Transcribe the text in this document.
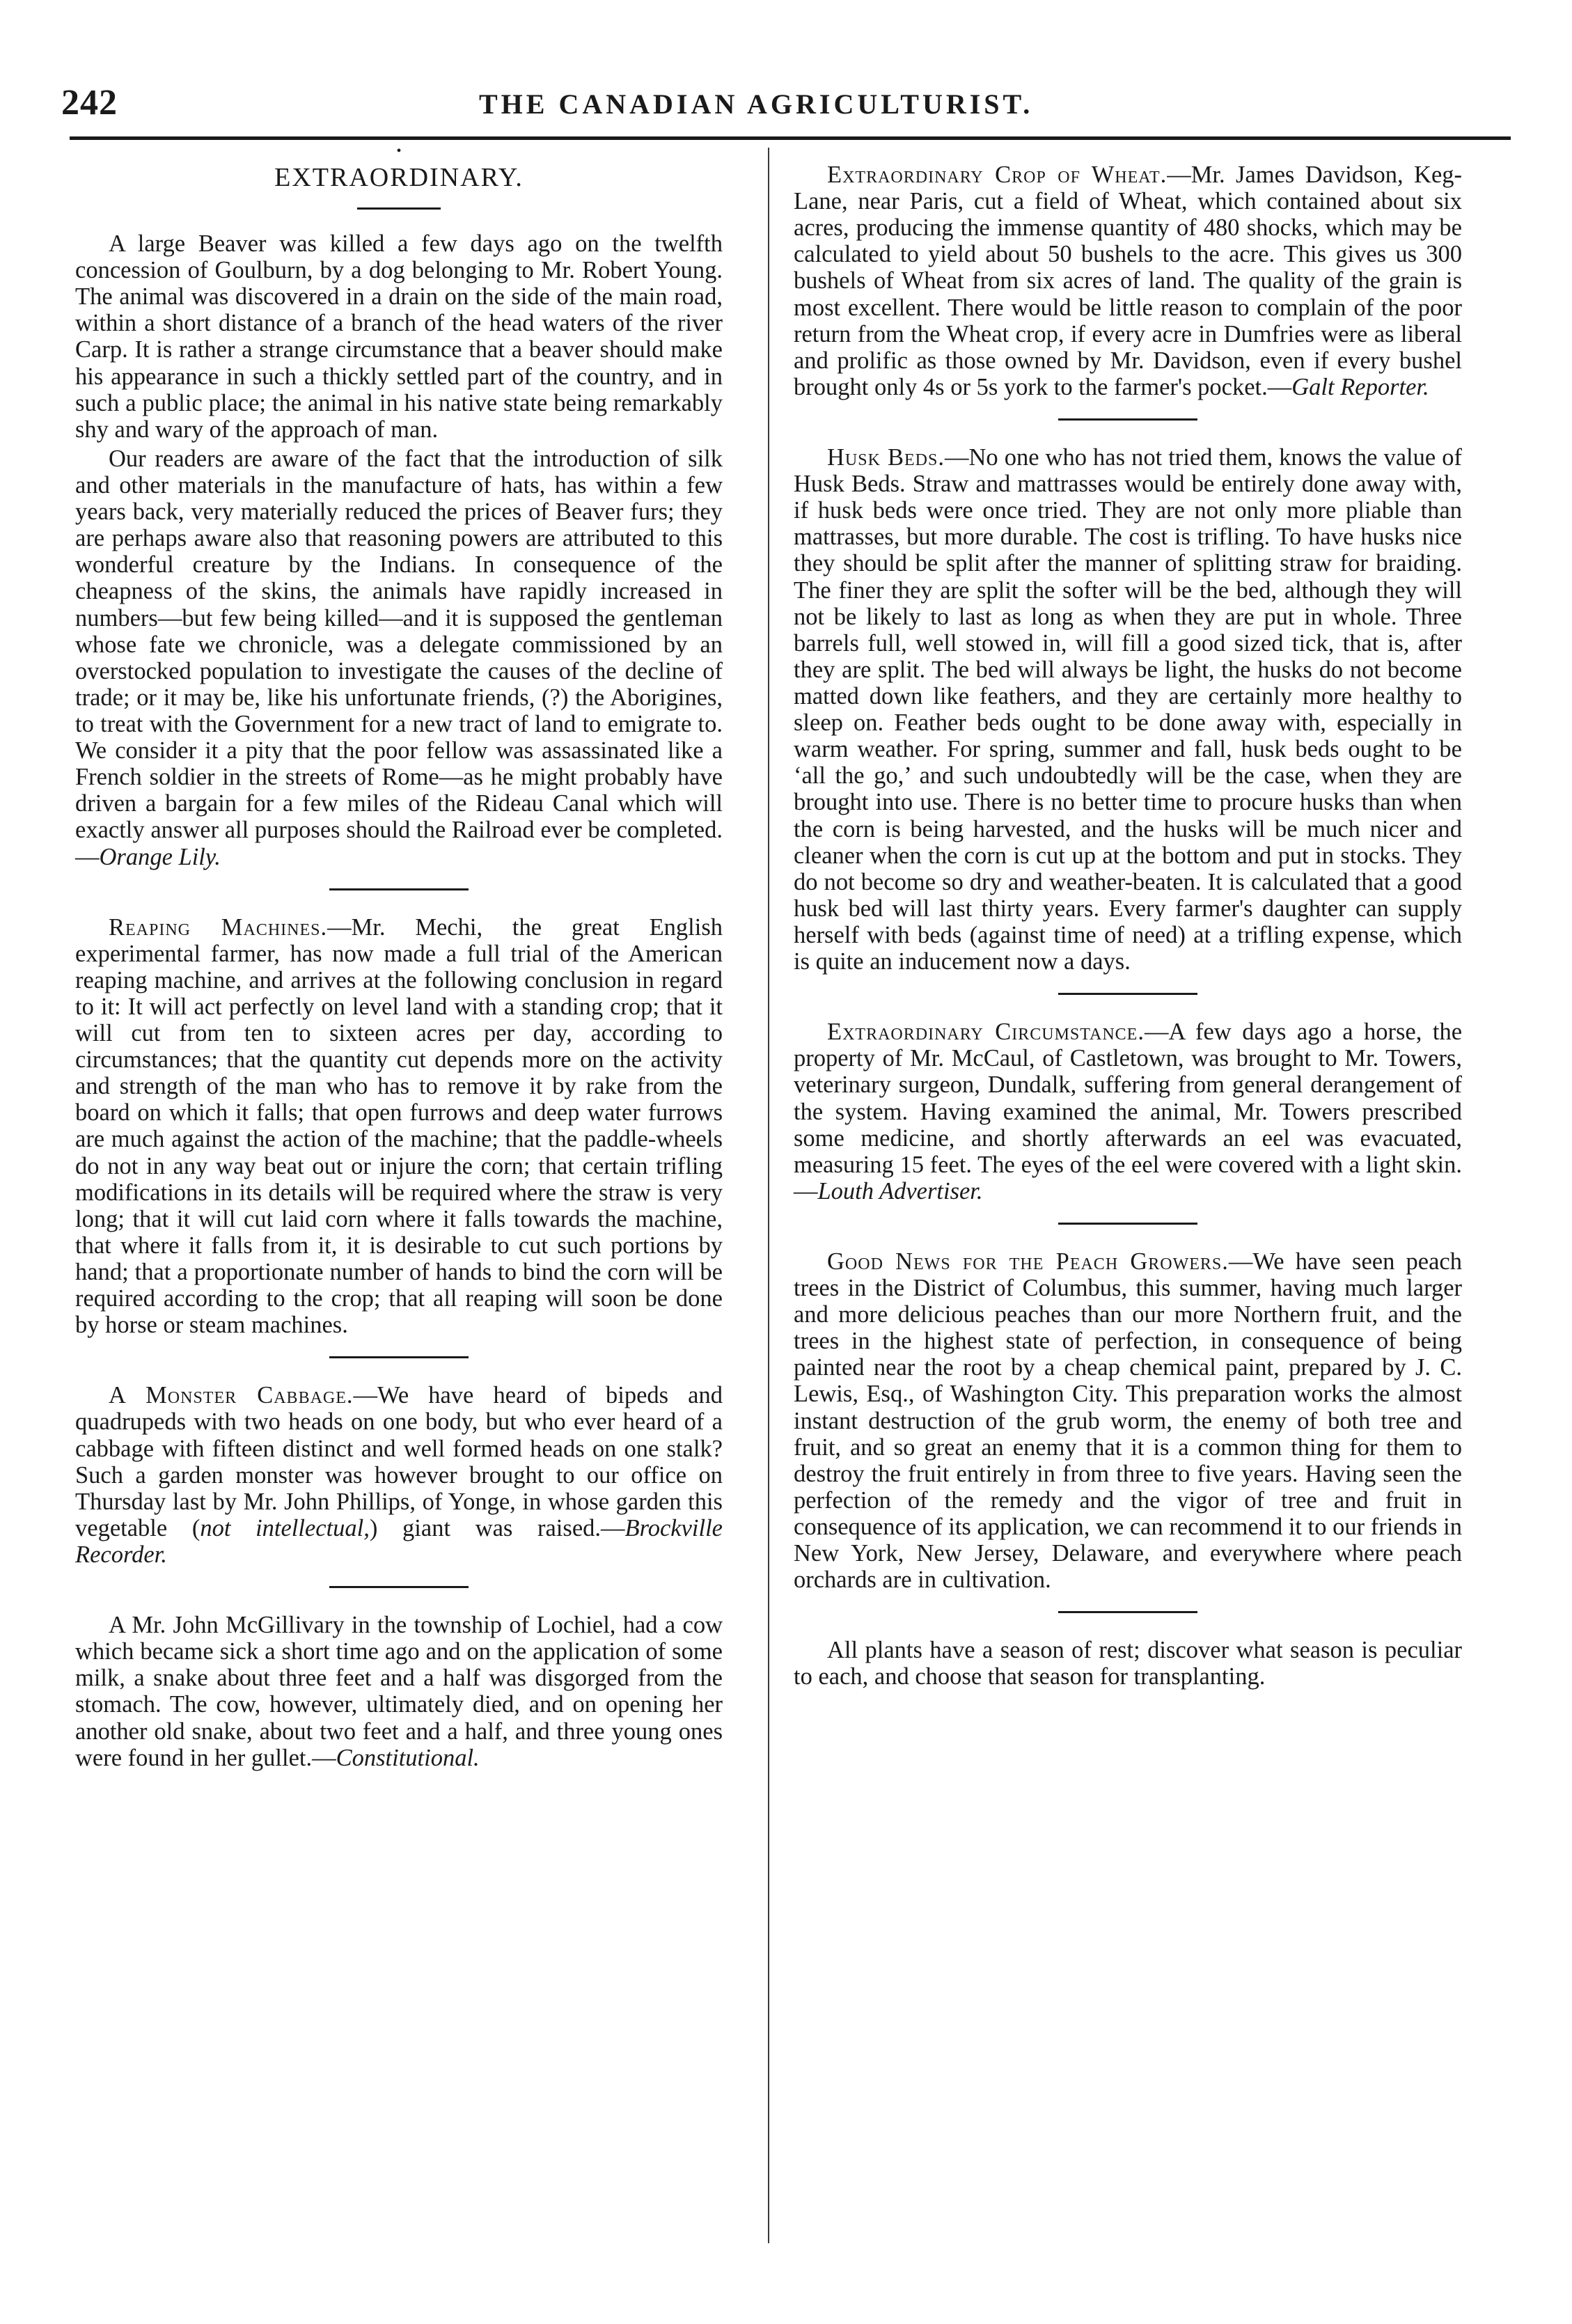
242	THE CANADIAN AGRICULTURIST.
•
EXTRAORDINARY.

A large Beaver was killed a few days ago on the twelfth concession of Goulburn, by a dog belonging to Mr. Robert Young. The animal was discovered in a drain on the side of the main road, within a short distance of a branch of the head waters of the river Carp. It is rather a strange circumstance that a beaver should make his appearance in such a thickly settled part of the country, and in such a public place; the animal in his native state being remarkably shy and wary of the approach of man.

Our readers are aware of the fact that the introduction of silk and other materials in the manufacture of hats, has within a few years back, very materially reduced the prices of Beaver furs; they are perhaps aware also that reasoning powers are attributed to this wonderful creature by the Indians. In consequence of the cheapness of the skins, the animals have rapidly increased in numbers—but few being killed—and it is supposed the gentleman whose fate we chronicle, was a delegate commissioned by an overstocked population to investigate the causes of the decline of trade; or it may be, like his unfortunate friends, (?) the Aborigines, to treat with the Government for a new tract of land to emigrate to. We consider it a pity that the poor fellow was assassinated like a French soldier in the streets of Rome—as he might probably have driven a bargain for a few miles of the Rideau Canal which will exactly answer all purposes should the Railroad ever be completed.—Orange Lily.

Reaping Machines.—Mr. Mechi, the great English experimental farmer, has now made a full trial of the American reaping machine, and arrives at the following conclusion in regard to it: It will act perfectly on level land with a standing crop; that it will cut from ten to sixteen acres per day, according to circumstances; that the quantity cut depends more on the activity and strength of the man who has to remove it by rake from the board on which it falls; that open furrows and deep water furrows are much against the action of the machine; that the paddle-wheels do not in any way beat out or injure the corn; that certain trifling modifications in its details will be required where the straw is very long; that it will cut laid corn where it falls towards the machine, that where it falls from it, it is desirable to cut such portions by hand; that a proportionate number of hands to bind the corn will be required according to the crop; that all reaping will soon be done by horse or steam machines.

A Monster Cabbage.—We have heard of bipeds and quadrupeds with two heads on one body, but who ever heard of a cabbage with fifteen distinct and well formed heads on one stalk? Such a garden monster was however brought to our office on Thursday last by Mr. John Phillips, of Yonge, in whose garden this vegetable (not intellectual,) giant was raised.—Brockville Recorder.

A Mr. John McGillivary in the township of Lochiel, had a cow which became sick a short time ago and on the application of some milk, a snake about three feet and a half was disgorged from the stomach. The cow, however, ultimately died, and on opening her another old snake, about two feet and a half, and three young ones were found in her gullet.—Constitutional.

Extraordinary Crop of Wheat.—Mr. James Davidson, Keg-Lane, near Paris, cut a field of Wheat, which contained about six acres, producing the immense quantity of 480 shocks, which may be calculated to yield about 50 bushels to the acre. This gives us 300 bushels of Wheat from six acres of land. The quality of the grain is most excellent. There would be little reason to complain of the poor return from the Wheat crop, if every acre in Dumfries were as liberal and prolific as those owned by Mr. Davidson, even if every bushel brought only 4s or 5s york to the farmer's pocket.—Galt Reporter.

Husk Beds.—No one who has not tried them, knows the value of Husk Beds. Straw and mattrasses would be entirely done away with, if husk beds were once tried. They are not only more pliable than mattrasses, but more durable. The cost is trifling. To have husks nice they should be split after the manner of splitting straw for braiding. The finer they are split the softer will be the bed, although they will not be likely to last as long as when they are put in whole. Three barrels full, well stowed in, will fill a good sized tick, that is, after they are split. The bed will always be light, the husks do not become matted down like feathers, and they are certainly more healthy to sleep on. Feather beds ought to be done away with, especially in warm weather. For spring, summer and fall, husk beds ought to be ‘all the go,’ and such undoubtedly will be the case, when they are brought into use. There is no better time to procure husks than when the corn is being harvested, and the husks will be much nicer and cleaner when the corn is cut up at the bottom and put in stocks. They do not become so dry and weather-beaten. It is calculated that a good husk bed will last thirty years. Every farmer's daughter can supply herself with beds (against time of need) at a trifling expense, which is quite an inducement now a days.

Extraordinary Circumstance.—A few days ago a horse, the property of Mr. McCaul, of Castletown, was brought to Mr. Towers, veterinary surgeon, Dundalk, suffering from general derangement of the system. Having examined the animal, Mr. Towers prescribed some medicine, and shortly afterwards an eel was evacuated, measuring 15 feet. The eyes of the eel were covered with a light skin.—Louth Advertiser.

Good News for the Peach Growers.—We have seen peach trees in the District of Columbus, this summer, having much larger and more delicious peaches than our more Northern fruit, and the trees in the highest state of perfection, in consequence of being painted near the root by a cheap chemical paint, prepared by J. C. Lewis, Esq., of Washington City. This preparation works the almost instant destruction of the grub worm, the enemy of both tree and fruit, and so great an enemy that it is a common thing for them to destroy the fruit entirely in from three to five years. Having seen the perfection of the remedy and the vigor of tree and fruit in consequence of its application, we can recommend it to our friends in New York, New Jersey, Delaware, and everywhere where peach orchards are in cultivation.

All plants have a season of rest; discover what season is peculiar to each, and choose that season for transplanting.
